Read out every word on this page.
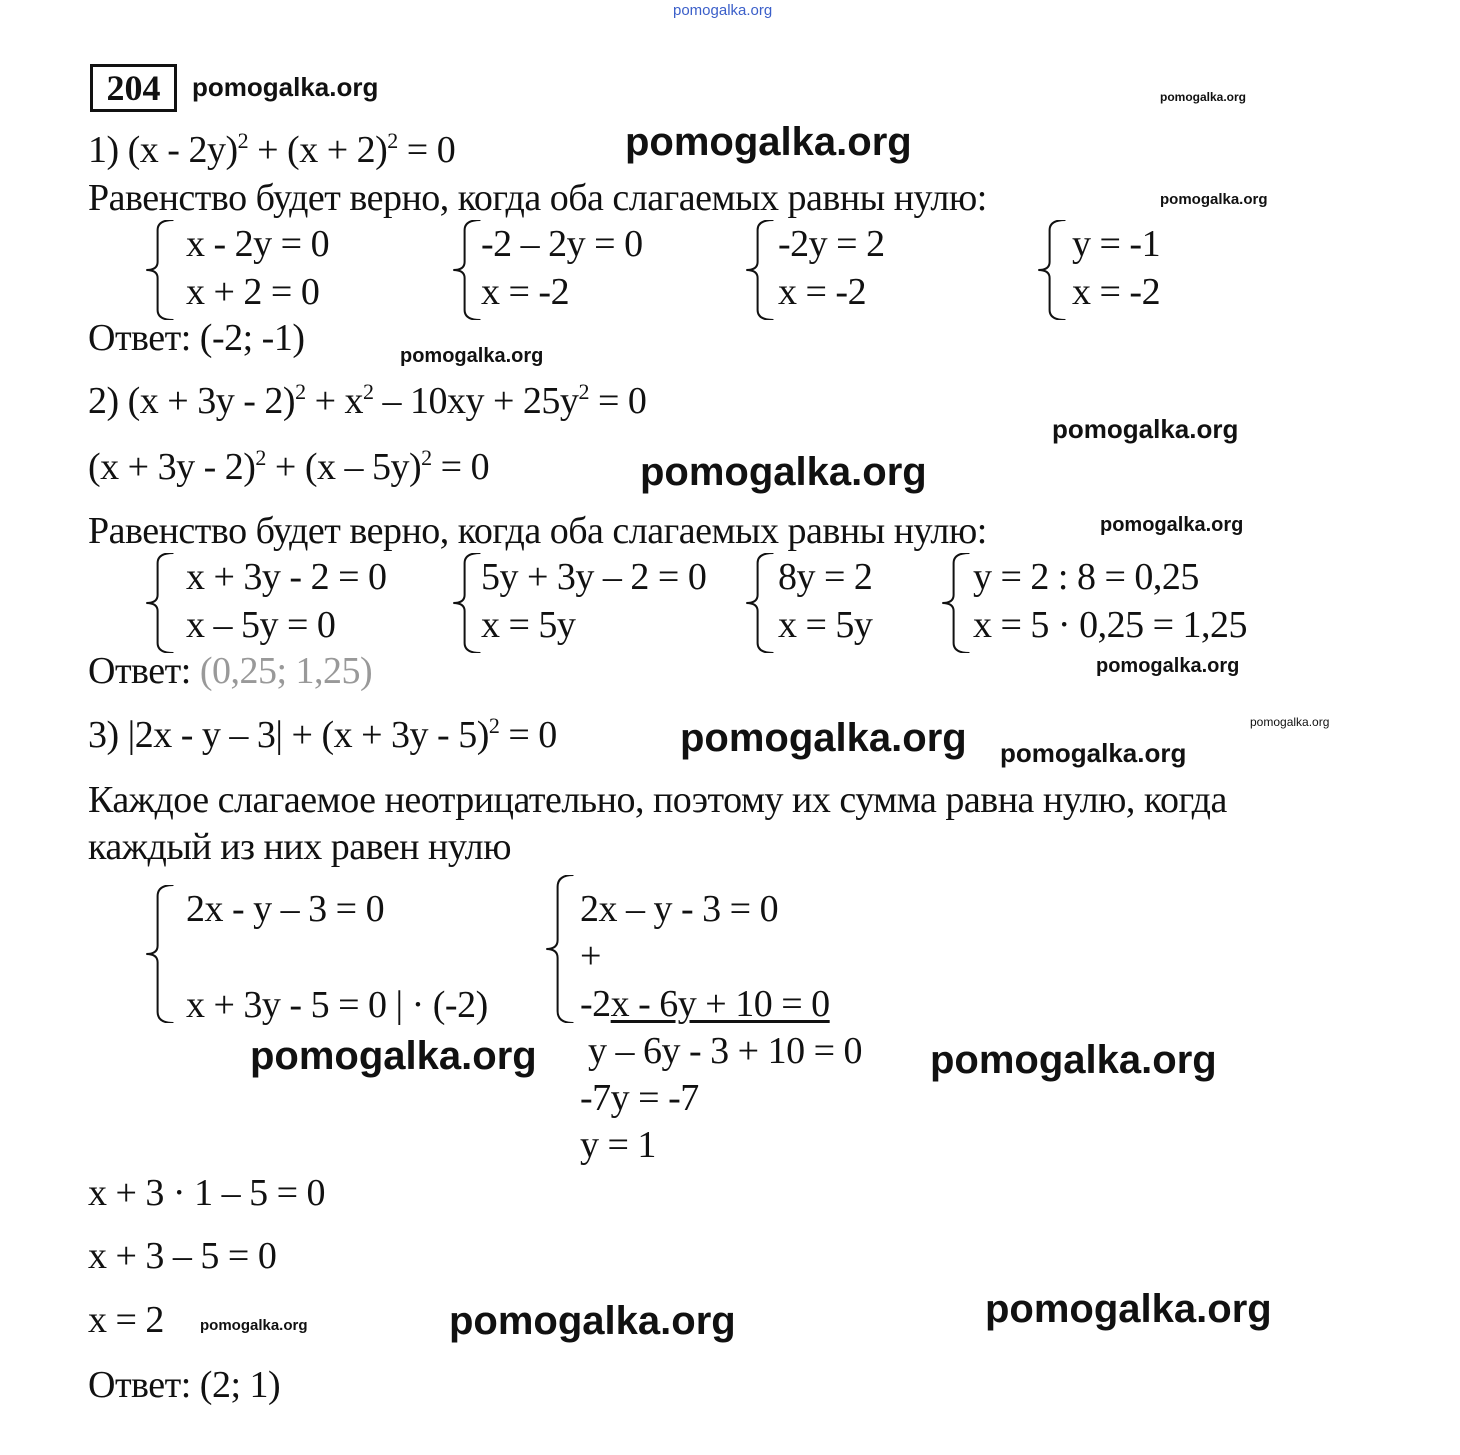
pomogalka.org
pomogalka.org
pomogalka.org
pomogalka.org
pomogalka.org
pomogalka.org
pomogalka.org
pomogalka.org
pomogalka.org
pomogalka.org
pomogalka.org pomogalka.org
pomogalka.org
pomogalka.org	pomogalka.org
pomogalka.org	pomogalka.org	pomogalka.org
204
1) $(x - 2y)^2 + (x + 2)^2 = 0$
Равенство будет верно, когда оба слагаемых равны нулю:
x - 2y = 0
x + 2 = 0
-2 – 2y = 0
x = -2
-2y = 2
x = -2
y = -1
x = -2
Ответ: (-2; -1)
2) $(x + 3y - 2)^2 + x^2 - 10xy + 25y^2 = 0$
$(x + 3y - 2)^2 + (x - 5y)^2 = 0$
Равенство будет верно, когда оба слагаемых равны нулю:
x + 3y - 2 = 0
x – 5y = 0
5y + 3y – 2 = 0
x = 5y
8y = 2
x = 5y
y = 2 : 8 = 0,25
x = 5 · 0,25 = 1,25
Ответ: (0,25; 1,25)
3) $|2x - y - 3| + (x + 3y - 5)^2 = 0$
Каждое слагаемое неотрицательно, поэтому их сумма равна нулю, когда
каждый из них равен нулю
2x - y – 3 = 0
x + 3y - 5 = 0 | · (-2)
2x – y - 3 = 0
+
-2x - 6y + 10 = 0
y – 6y - 3 + 10 = 0
-7y = -7
y = 1
x + 3 · 1 – 5 = 0
x + 3 – 5 = 0
x = 2
Ответ: (2; 1)
